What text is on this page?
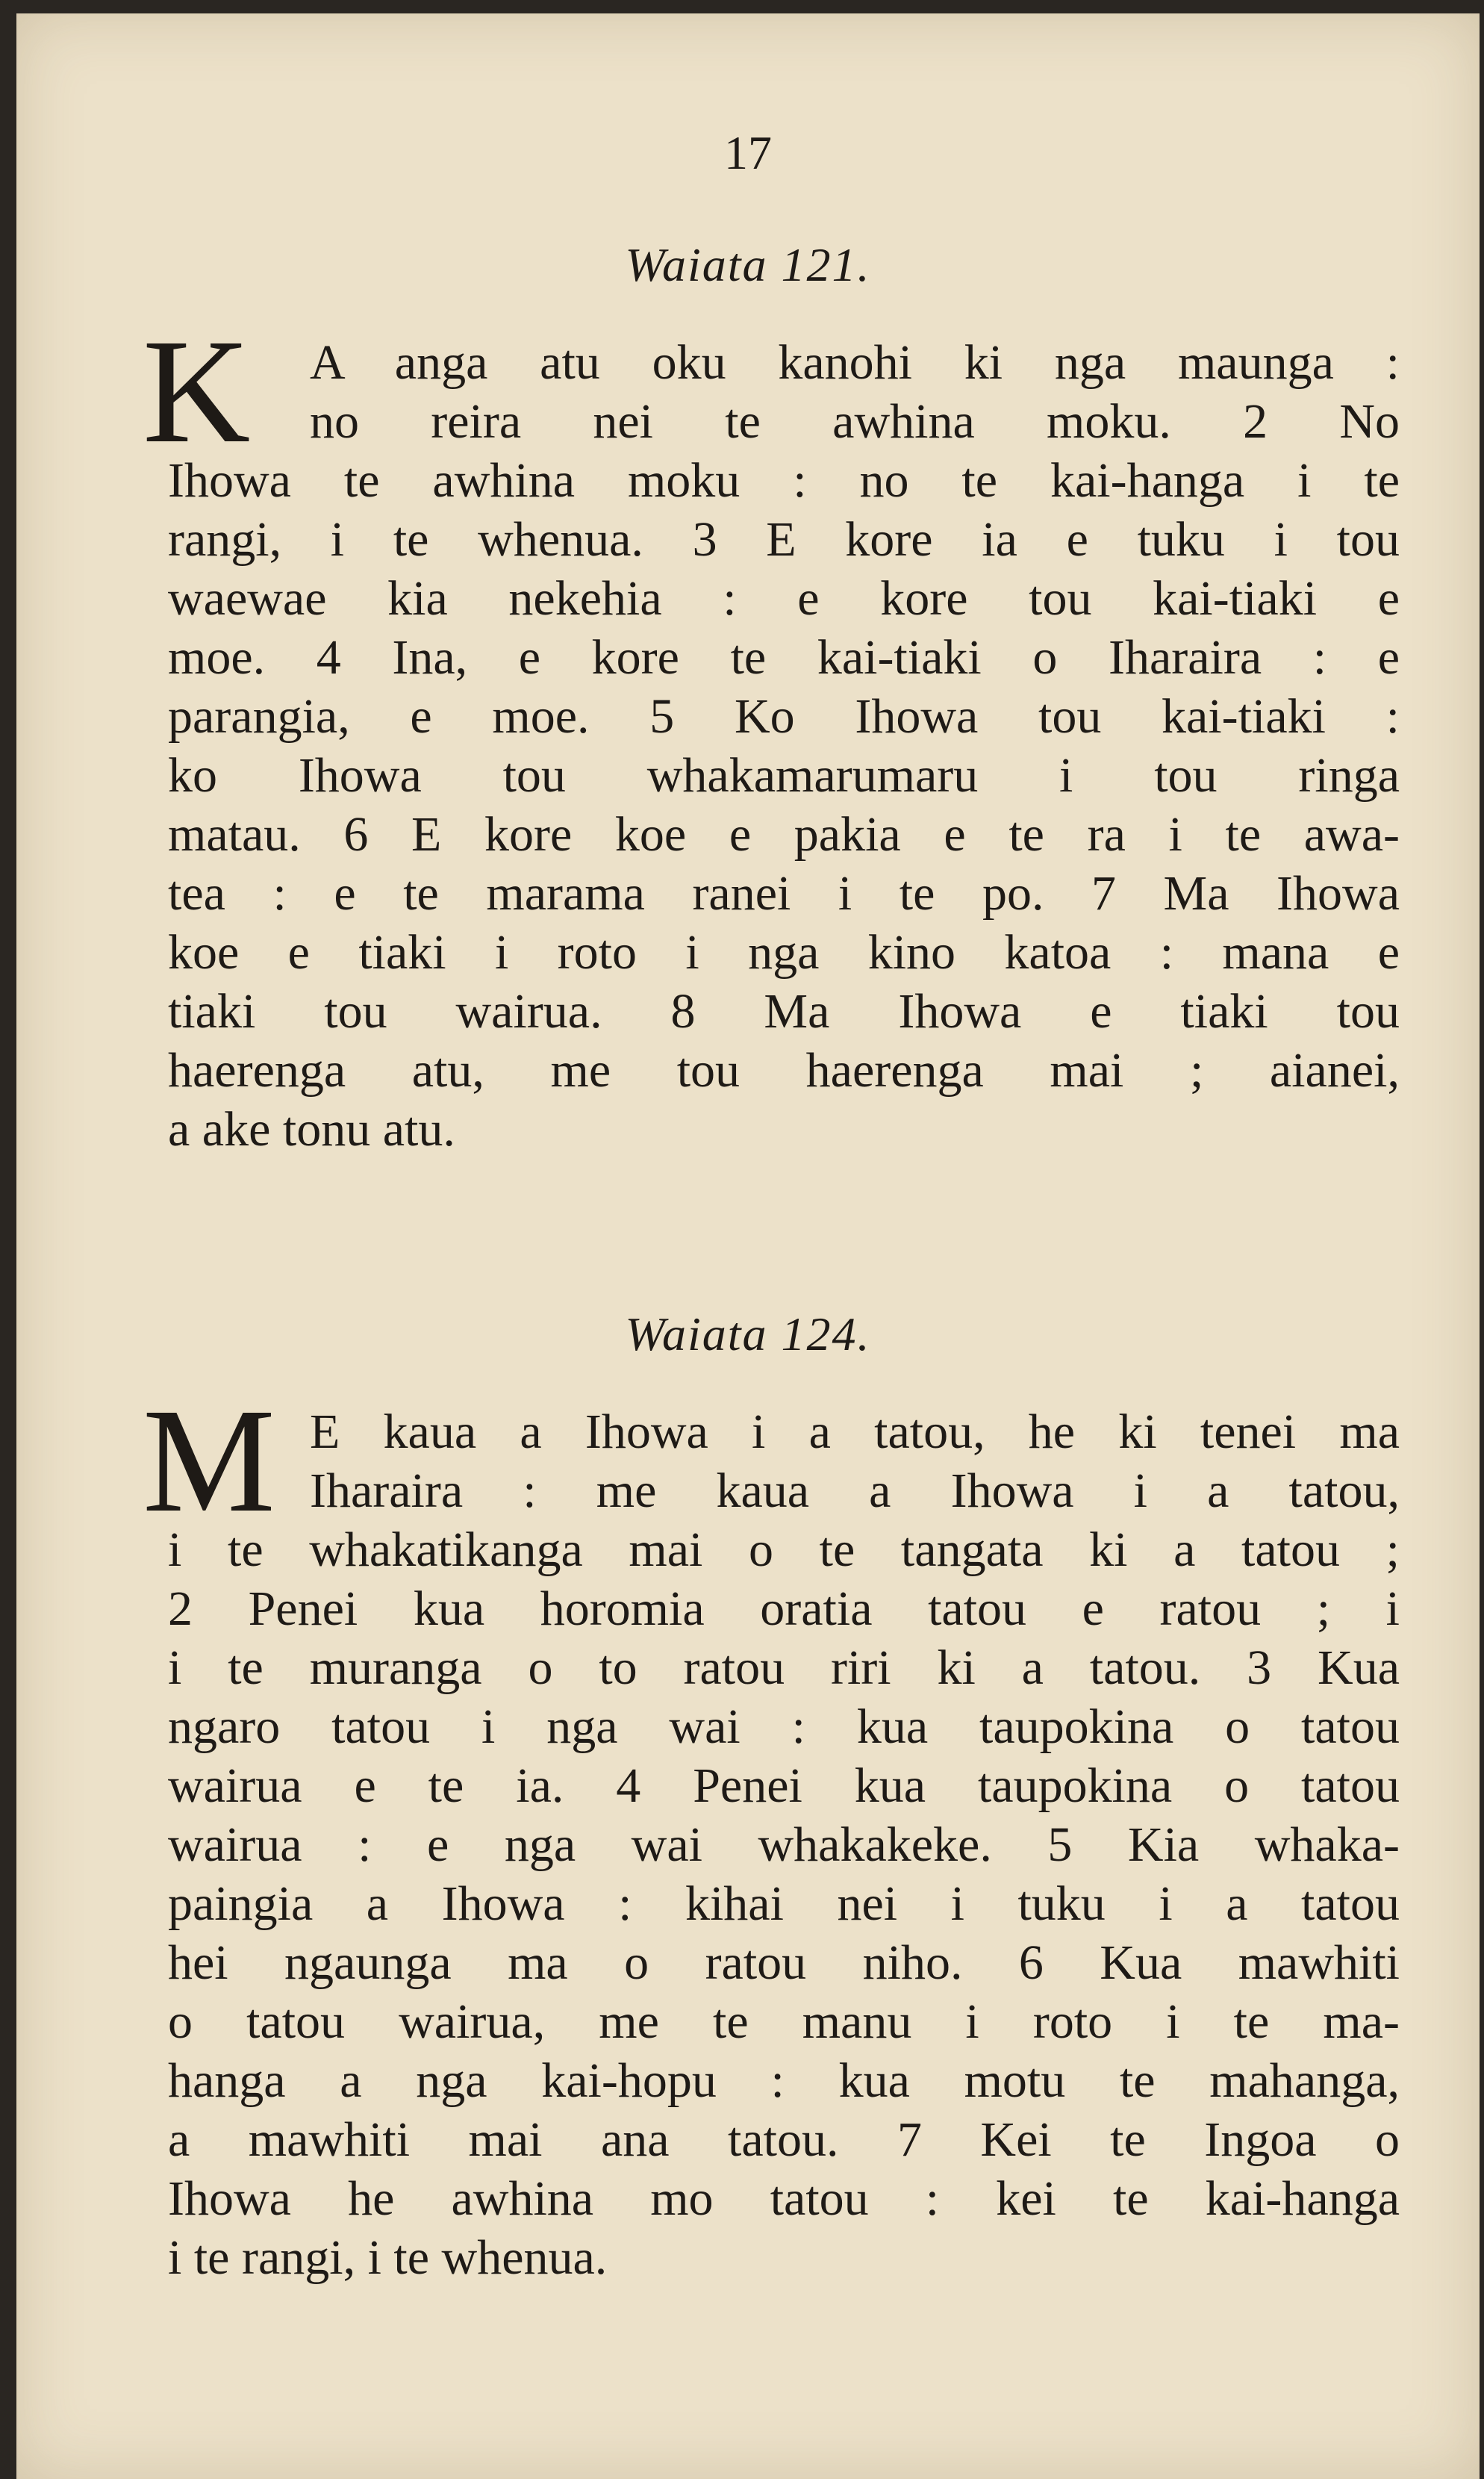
17
Waiata 121.
K	A anga atu oku kanohi ki nga maunga :
no reira nei te awhina moku. 2 No
Ihowa te awhina moku : no te kai-hanga i te
rangi, i te whenua. 3 E kore ia e tuku i tou
waewae kia nekehia : e kore tou kai-tiaki e
moe. 4 Ina, e kore te kai-tiaki o Iharaira : e
parangia, e moe. 5 Ko Ihowa tou kai-tiaki :
ko Ihowa tou whakamarumaru i tou ringa
matau. 6 E kore koe e pakia e te ra i te awa-
tea : e te marama ranei i te po. 7 Ma Ihowa
koe e tiaki i roto i nga kino katoa : mana e
tiaki tou wairua. 8 Ma Ihowa e tiaki tou
haerenga atu, me tou haerenga mai ; aianei,
a ake tonu atu.
Waiata 124.
M E kaua a Ihowa i a tatou, he ki tenei ma
Iharaira : me kaua a Ihowa i a tatou,
i te whakatikanga mai o te tangata ki a tatou ;
2 Penei kua horomia oratia tatou e ratou ; i
i te muranga o to ratou riri ki a tatou. 3 Kua
ngaro tatou i nga wai : kua taupokina o tatou
wairua e te ia. 4 Penei kua taupokina o tatou
wairua : e nga wai whakakeke. 5 Kia whaka-
paingia a Ihowa : kihai nei i tuku i a tatou
hei ngaunga ma o ratou niho. 6 Kua mawhiti
o tatou wairua, me te manu i roto i te ma-
hanga a nga kai-hopu : kua motu te mahanga,
a mawhiti mai ana tatou. 7 Kei te Ingoa o
Ihowa he awhina mo tatou : kei te kai-hanga
i te rangi, i te whenua.
